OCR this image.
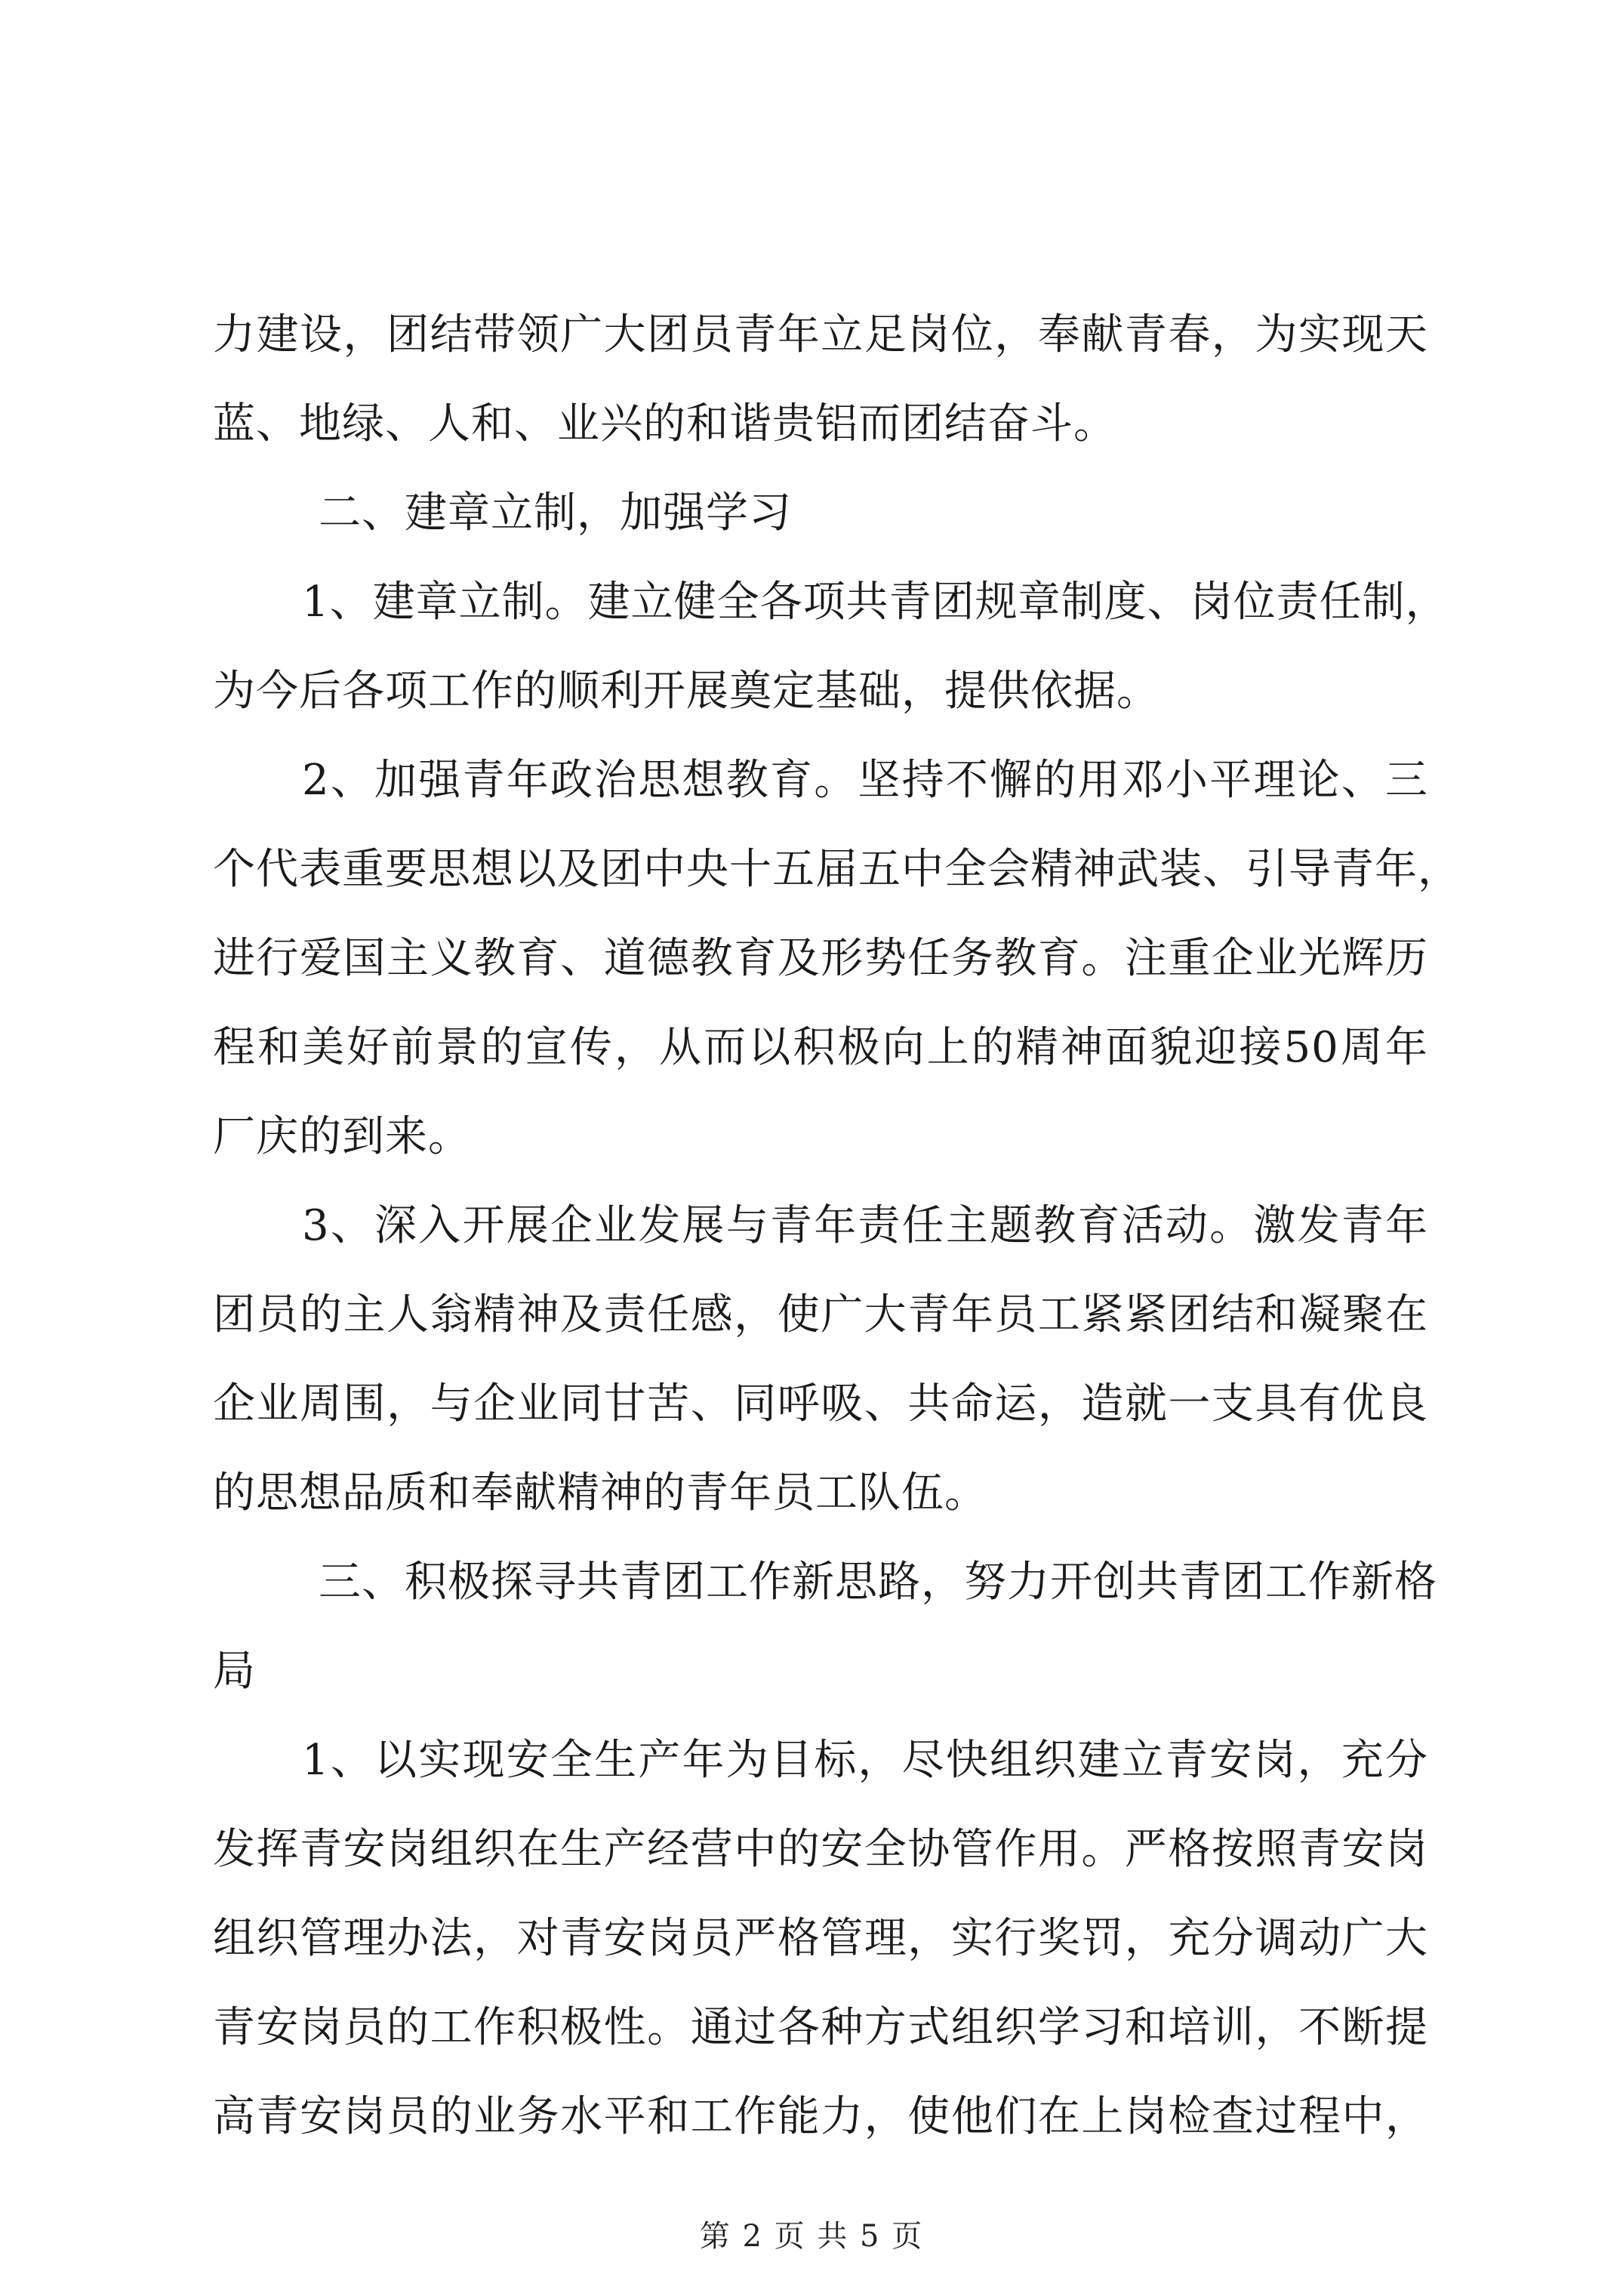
力建设，团结带领广大团员青年立足岗位，奉献青春，为实现天
蓝、地绿、人和、业兴的和谐贵铝而团结奋斗。
二、建章立制，加强学习
1、建章立制。建立健全各项共青团规章制度、岗位责任制，
为今后各项工作的顺利开展奠定基础，提供依据。
2、加强青年政治思想教育。坚持不懈的用邓小平理论、三
个代表重要思想以及团中央十五届五中全会精神武装、引导青年，
进行爱国主义教育、道德教育及形势任务教育。注重企业光辉历
程和美好前景的宣传，从而以积极向上的精神面貌迎接50周年
厂庆的到来。
3、深入开展企业发展与青年责任主题教育活动。激发青年
团员的主人翁精神及责任感，使广大青年员工紧紧团结和凝聚在
企业周围，与企业同甘苦、同呼吸、共命运，造就一支具有优良
的思想品质和奉献精神的青年员工队伍。
三、积极探寻共青团工作新思路，努力开创共青团工作新格
局
1、以实现安全生产年为目标，尽快组织建立青安岗，充分
发挥青安岗组织在生产经营中的安全协管作用。严格按照青安岗
组织管理办法，对青安岗员严格管理，实行奖罚，充分调动广大
青安岗员的工作积极性。通过各种方式组织学习和培训，不断提
高青安岗员的业务水平和工作能力，使他们在上岗检查过程中，
第 2 页 共 5 页
